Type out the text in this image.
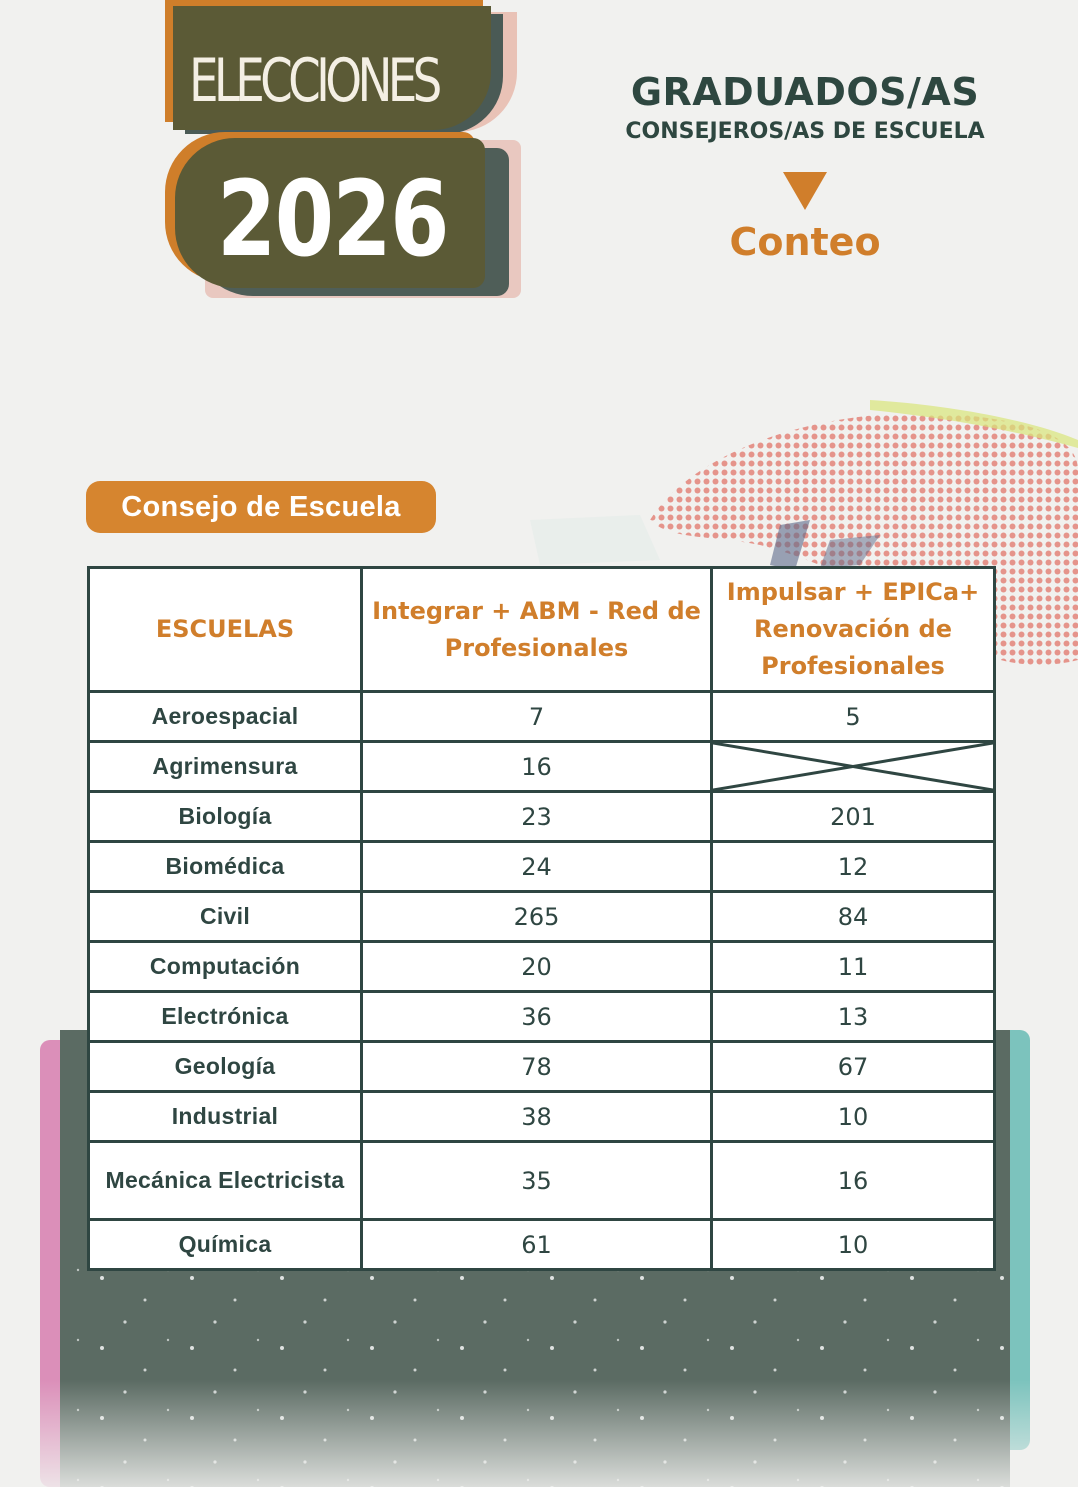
ELECCIONES
2026
GRADUADOS/AS
CONSEJEROS/AS DE ESCUELA
Conteo
Consejo de Escuela
ESCUELAS	Integrar + ABM - Red de Profesionales	Impulsar + EPICa+ Renovación de Profesionales
Aeroespacial	7	5
Agrimensura	16	

Biología	23	201
Biomédica	24	12
Civil	265	84
Computación	20	11
Electrónica	36	13
Geología	78	67
Industrial	38	10
Mecánica Electricista	35	16
Química	61	10
